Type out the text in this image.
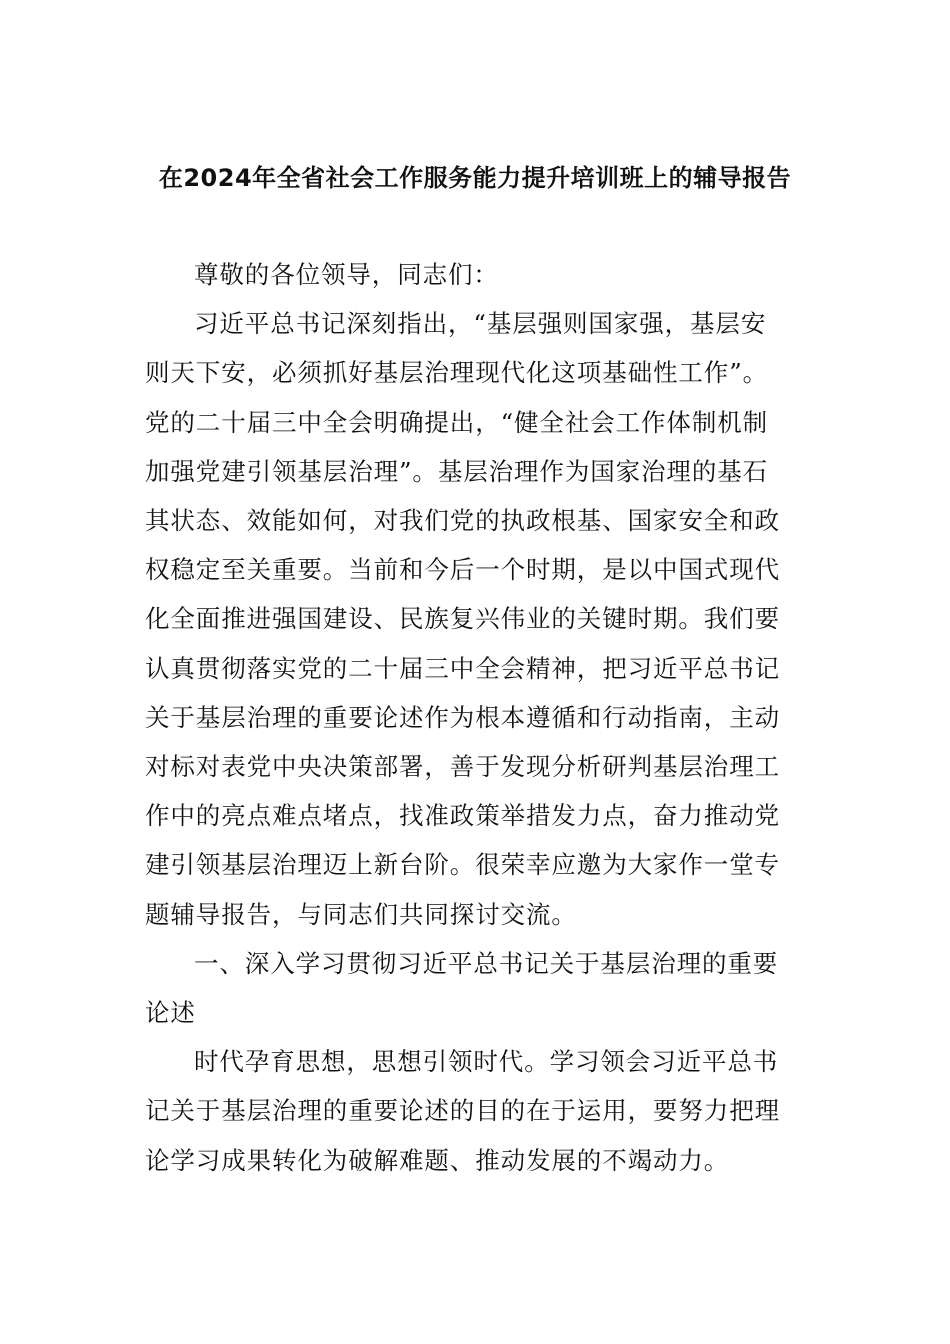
在2024年全省社会工作服务能力提升培训班上的辅导报告

尊敬的各位领导，同志们：

习近平总书记深刻指出，“基层强则国家强，基层安
则天下安，必须抓好基层治理现代化这项基础性工作”。
党的二十届三中全会明确提出，“健全社会工作体制机制
加强党建引领基层治理”。基层治理作为国家治理的基石
其状态、效能如何，对我们党的执政根基、国家安全和政
权稳定至关重要。当前和今后一个时期，是以中国式现代
化全面推进强国建设、民族复兴伟业的关键时期。我们要
认真贯彻落实党的二十届三中全会精神，把习近平总书记
关于基层治理的重要论述作为根本遵循和行动指南，主动
对标对表党中央决策部署，善于发现分析研判基层治理工
作中的亮点难点堵点，找准政策举措发力点，奋力推动党
建引领基层治理迈上新台阶。很荣幸应邀为大家作一堂专
题辅导报告，与同志们共同探讨交流。

一、深入学习贯彻习近平总书记关于基层治理的重要
论述

时代孕育思想，思想引领时代。学习领会习近平总书
记关于基层治理的重要论述的目的在于运用，要努力把理
论学习成果转化为破解难题、推动发展的不竭动力。
